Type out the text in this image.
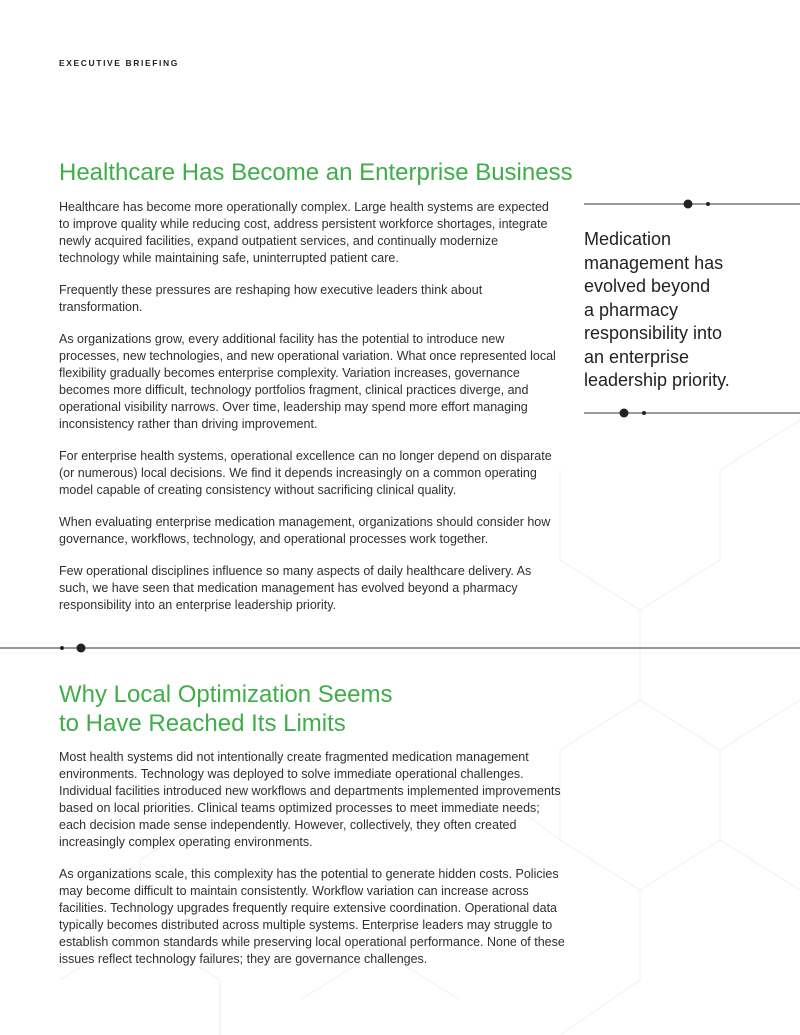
EXECUTIVE BRIEFING
Healthcare Has Become an Enterprise Business

Healthcare has become more operationally complex. Large health systems are expected to improve quality while reducing cost, address persistent workforce shortages, integrate newly acquired facilities, expand outpatient services, and continually modernize technology while maintaining safe, uninterrupted patient care.

Frequently these pressures are reshaping how executive leaders think about transformation.

As organizations grow, every additional facility has the potential to introduce new processes, new technologies, and new operational variation. What once represented local flexibility gradually becomes enterprise complexity. Variation increases, governance becomes more difficult, technology portfolios fragment, clinical practices diverge, and operational visibility narrows. Over time, leadership may spend more effort managing inconsistency rather than driving improvement.

For enterprise health systems, operational excellence can no longer depend on disparate (or numerous) local decisions. We find it depends increasingly on a common operating model capable of creating consistency without sacrificing clinical quality.

When evaluating enterprise medication management, organizations should consider how governance, workflows, technology, and operational processes work together.

Few operational disciplines influence so many aspects of daily healthcare delivery. As such, we have seen that medication management has evolved beyond a pharmacy responsibility into an enterprise leadership priority.

Medication
management has
evolved beyond
a pharmacy
responsibility into
an enterprise
leadership priority.
Why Local Optimization Seems
to Have Reached Its Limits

Most health systems did not intentionally create fragmented medication management environments. Technology was deployed to solve immediate operational challenges. Individual facilities introduced new workflows and departments implemented improvements based on local priorities. Clinical teams optimized processes to meet immediate needs; each decision made sense independently. However, collectively, they often created increasingly complex operating environments.

As organizations scale, this complexity has the potential to generate hidden costs. Policies may become difficult to maintain consistently. Workflow variation can increase across facilities. Technology upgrades frequently require extensive coordination. Operational data typically becomes distributed across multiple systems. Enterprise leaders may struggle to establish common standards while preserving local operational performance. None of these issues reflect technology failures; they are governance challenges.
